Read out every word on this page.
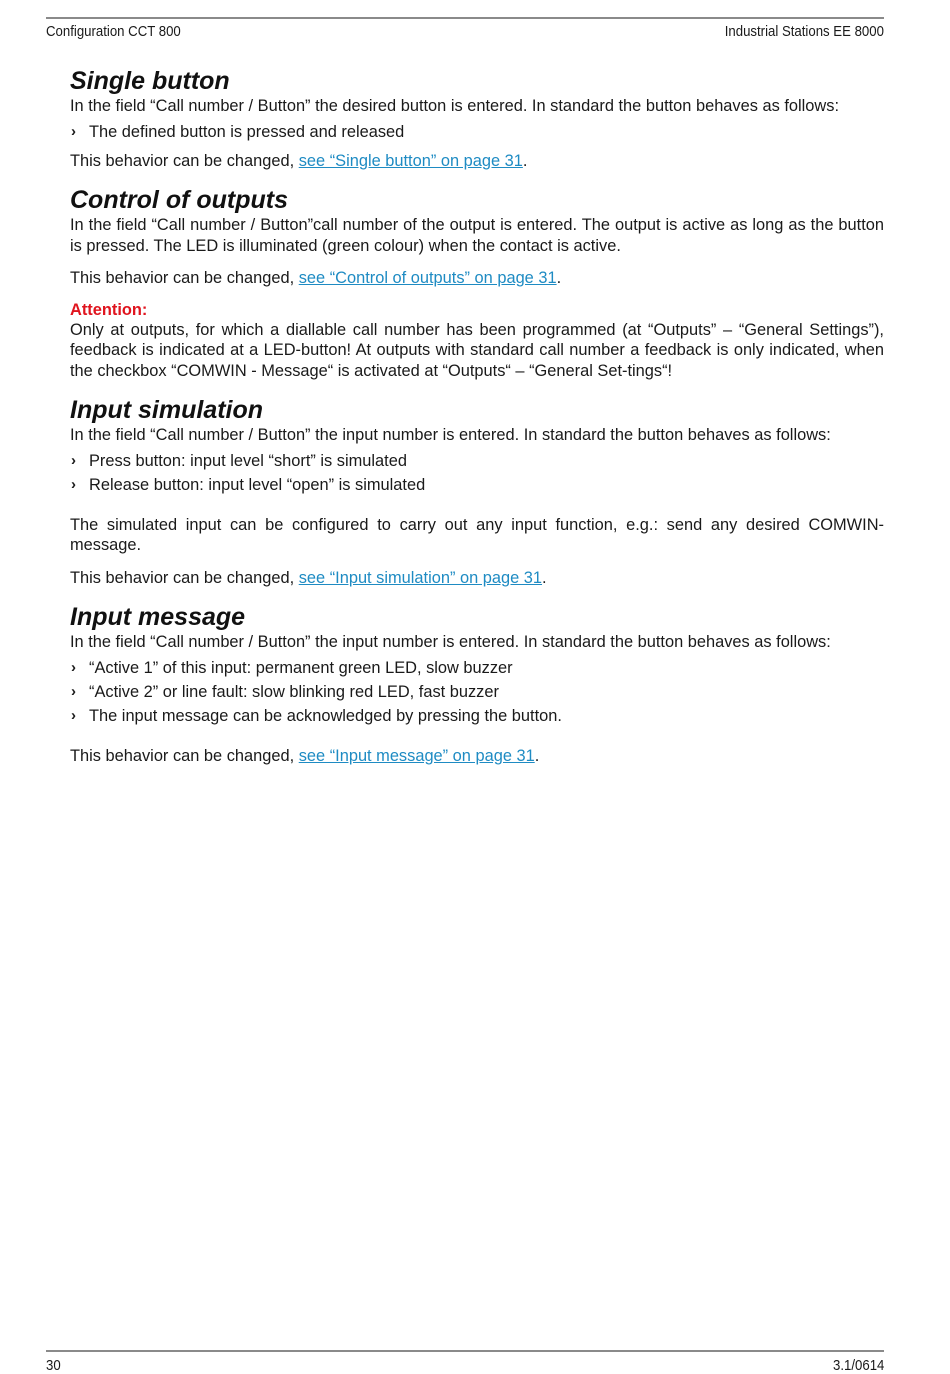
Configuration CCT 800	Industrial Stations EE 8000
Single button

In the field “Call number / Button” the desired button is entered. In standard the button behaves as follows:

› The defined button is pressed and released

This behavior can be changed, see “Single button” on page 31.

Control of outputs

In the field “Call number / Button”call number of the output is entered. The output is active as long as the button is pressed. The LED is illuminated (green colour) when the contact is active.

This behavior can be changed, see “Control of outputs” on page 31.

Attention:

Only at outputs, for which a diallable call number has been programmed (at “Outputs” – “General Settings”), feedback is indicated at a LED-button! At outputs with standard call number a feedback is only indicated, when the checkbox “COMWIN - Message“ is activated at “Outputs“ – “General Set-tings“!

Input simulation

In the field “Call number / Button” the input number is entered. In standard the button behaves as follows:

› Press button: input level “short” is simulated
› Release button: input level “open” is simulated

The simulated input can be configured to carry out any input function, e.g.: send any desired COMWIN-message.

This behavior can be changed, see “Input simulation” on page 31.

Input message

In the field “Call number / Button” the input number is entered. In standard the button behaves as follows:

› “Active 1” of this input: permanent green LED, slow buzzer
› “Active 2” or line fault: slow blinking red LED, fast buzzer
› The input message can be acknowledged by pressing the button.

This behavior can be changed, see “Input message” on page 31.

30	3.1/0614
